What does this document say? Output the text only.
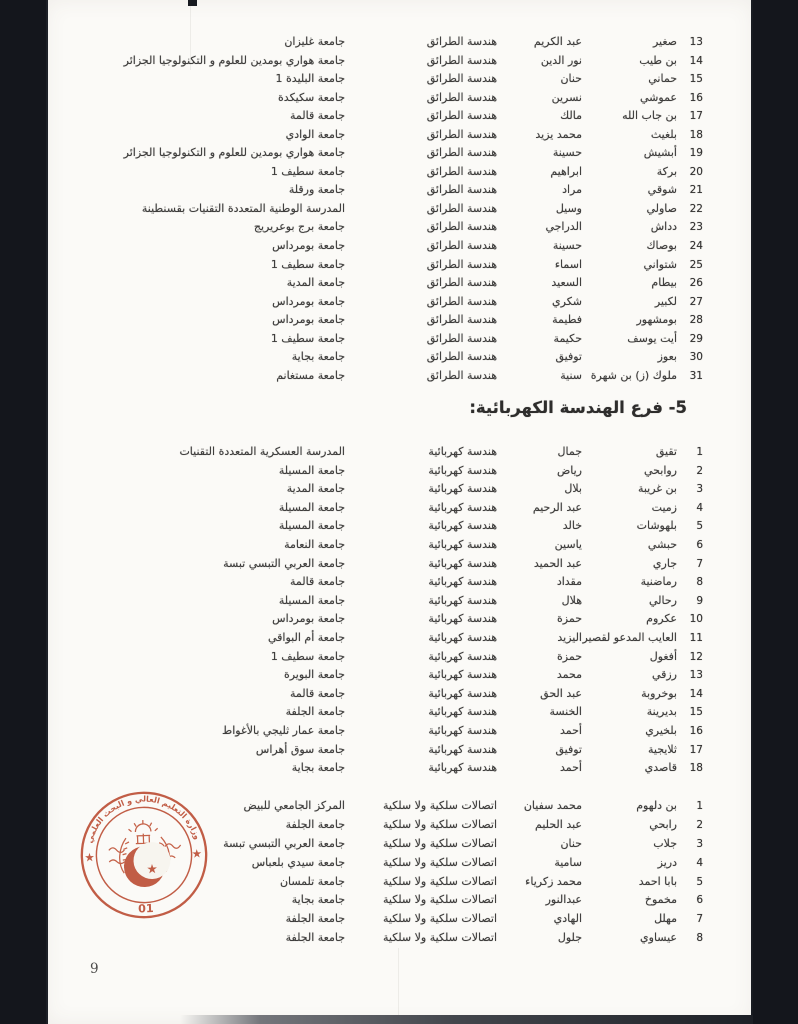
13
صغير
عبد الكريم
هندسة الطرائق
جامعة غليزان
14
بن طيب
نور الدين
هندسة الطرائق
جامعة هواري بومدين للعلوم و التكنولوجيا الجزائر
15
حماني
حنان
هندسة الطرائق
جامعة البليدة 1
16
عموشي
نسرين
هندسة الطرائق
جامعة سكيكدة
17
بن جاب الله
مالك
هندسة الطرائق
جامعة قالمة
18
بلغيث
محمد يزيد
هندسة الطرائق
جامعة الوادي
19
أبشيش
حسينة
هندسة الطرائق
جامعة هواري بومدين للعلوم و التكنولوجيا الجزائر
20
بركة
ابراهيم
هندسة الطرائق
جامعة سطيف 1
21
شوقي
مراد
هندسة الطرائق
جامعة ورقلة
22
صاولي
وسيل
هندسة الطرائق
المدرسة الوطنية المتعددة التقنيات بقسنطينة
23
دداش
الدراجي
هندسة الطرائق
جامعة برج بوعريريج
24
بوصاك
حسينة
هندسة الطرائق
جامعة بومرداس
25
شتواني
اسماء
هندسة الطرائق
جامعة سطيف 1
26
بيطام
السعيد
هندسة الطرائق
جامعة المدية
27
لكبير
شكري
هندسة الطرائق
جامعة بومرداس
28
بومشهور
فطيمة
هندسة الطرائق
جامعة بومرداس
29
أيت يوسف
حكيمة
هندسة الطرائق
جامعة سطيف 1
30
بعوز
توفيق
هندسة الطرائق
جامعة بجاية
31
ملوك (ز) بن شهرة
سنية
هندسة الطرائق
جامعة مستغانم
5- فرع الهندسة الكهربائية:
1
تقيق
جمال
هندسة كهربائية
المدرسة العسكرية المتعددة التقنيات
2
روابحي
رياض
هندسة كهربائية
جامعة المسيلة
3
بن غريبة
بلال
هندسة كهربائية
جامعة المدية
4
زميت
عبد الرحيم
هندسة كهربائية
جامعة المسيلة
5
بلهوشات
خالد
هندسة كهربائية
جامعة المسيلة
6
حبشي
ياسين
هندسة كهربائية
جامعة النعامة
7
جاري
عبد الحميد
هندسة كهربائية
جامعة العربي التبسي تبسة
8
رماضنية
مقداد
هندسة كهربائية
جامعة قالمة
9
رحالي
هلال
هندسة كهربائية
جامعة المسيلة
10
عكروم
حمزة
هندسة كهربائية
جامعة بومرداس
11
العايب المدعو لقصير
اليزيد
هندسة كهربائية
جامعة أم البواقي
12
أفغول
حمزة
هندسة كهربائية
جامعة سطيف 1
13
رزقي
محمد
هندسة كهربائية
جامعة البويرة
14
بوخروبة
عبد الحق
هندسة كهربائية
جامعة قالمة
15
بديرينة
الخنسة
هندسة كهربائية
جامعة الجلفة
16
بلخيري
أحمد
هندسة كهربائية
جامعة عمار ثليجي بالأغواط
17
ثلايجية
توفيق
هندسة كهربائية
جامعة سوق أهراس
18
قاصدي
أحمد
هندسة كهربائية
جامعة بجاية
1
بن دلهوم
محمد سفيان
اتصالات سلكية ولا سلكية
المركز الجامعي للبيض
2
رابحي
عبد الحليم
اتصالات سلكية ولا سلكية
جامعة الجلفة
3
جلاب
حنان
اتصالات سلكية ولا سلكية
جامعة العربي التبسي تبسة
4
دريز
سامية
اتصالات سلكية ولا سلكية
جامعة سيدي بلعباس
5
بابا احمد
محمد زكرياء
اتصالات سلكية ولا سلكية
جامعة تلمسان
6
مخموخ
عبدالنور
اتصالات سلكية ولا سلكية
جامعة بجاية
7
مهلل
الهادي
اتصالات سلكية ولا سلكية
جامعة الجلفة
8
عيساوي
جلول
اتصالات سلكية ولا سلكية
جامعة الجلفة
وزارة التعليم العالي و البحث العلمي
★	★
★
01
9
